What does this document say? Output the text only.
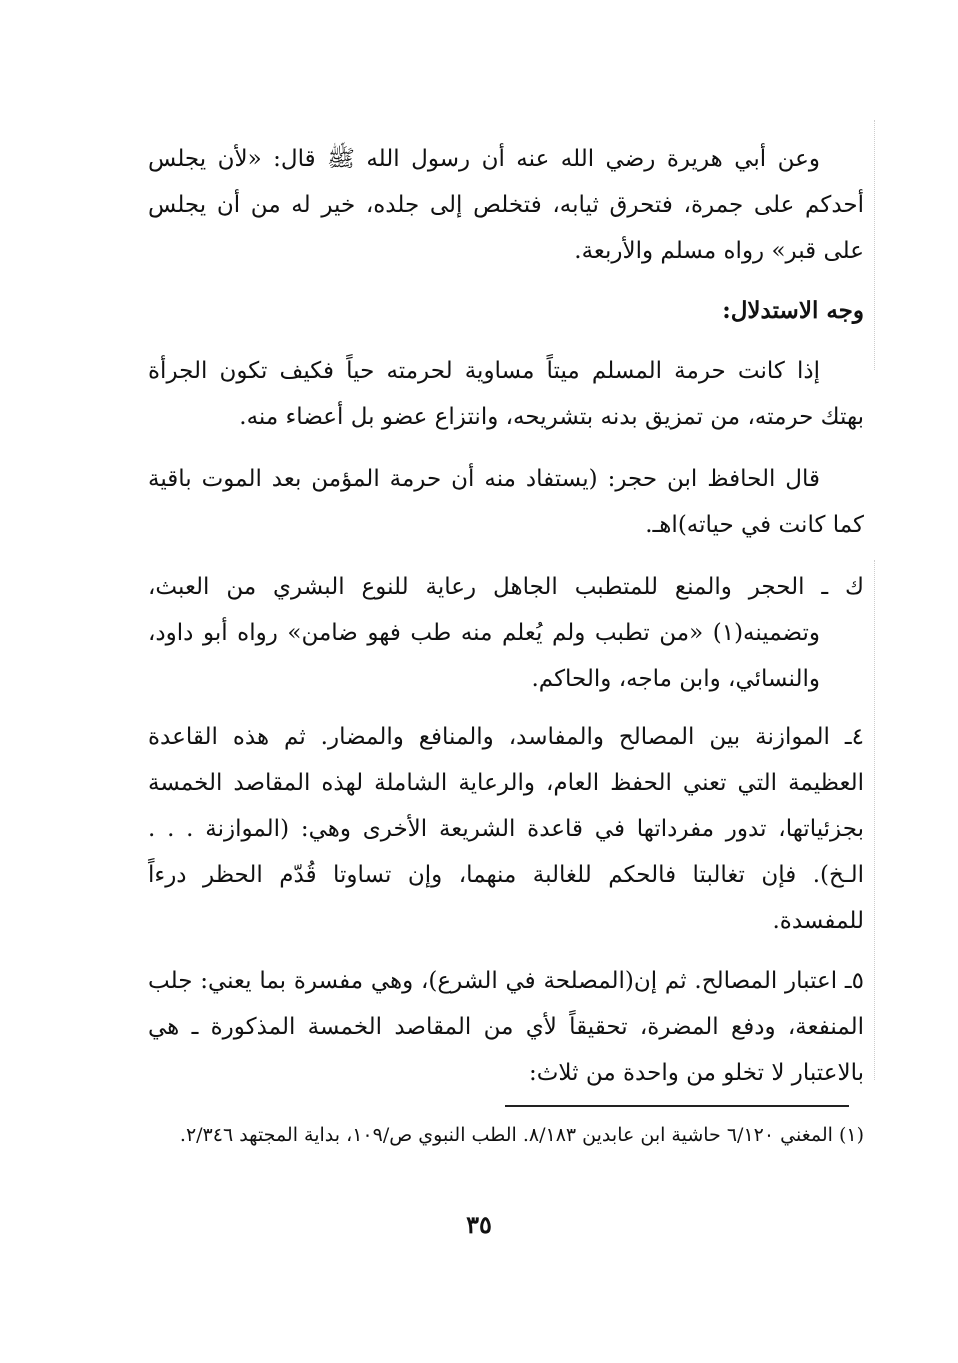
وعن أبي هريرة رضي الله عنه أن رسول الله ﷺ قال: «لأن يجلس أحدكم على جمرة، فتحرق ثيابه، فتخلص إلى جلده، خير له من أن يجلس على قبر» رواه مسلم والأربعة.

وجه الاستدلال:

إذا كانت حرمة المسلم ميتاً مساوية لحرمته حياً فكيف تكون الجرأة بهتك حرمته، من تمزيق بدنه بتشريحه، وانتزاع عضو بل أعضاء منه.

قال الحافظ ابن حجر: (يستفاد منه أن حرمة المؤمن بعد الموت باقية كما كانت في حياته)اهـ.

ك ـ الحجر والمنع للمتطبب الجاهل رعاية للنوع البشري من العبث، وتضمينه(١) «من تطبب ولم يُعلم منه طب فهو ضامن» رواه أبو داود، والنسائي، وابن ماجه، والحاكم.

٤ـ الموازنة بين المصالح والمفاسد، والمنافع والمضار. ثم هذه القاعدة العظيمة التي تعني الحفظ العام، والرعاية الشاملة لهذه المقاصد الخمسة بجزئياتها، تدور مفرداتها في قاعدة الشريعة الأخرى وهي: (الموازنة . . . الـخ). فإن تغالبتا فالحكم للغالبة منهما، وإن تساوتا قُدّم الحظر درءاً للمفسدة.

٥ـ اعتبار المصالح. ثم إن(المصلحة في الشرع)، وهي مفسرة بما يعني: جلب المنفعة، ودفع المضرة، تحقيقاً لأي من المقاصد الخمسة المذكورة ـ هي بالاعتبار لا تخلو من واحدة من ثلاث:

(١) المغني ٦/١٢٠ حاشية ابن عابدين ٨/١٨٣. الطب النبوي ص/١٠٩، بداية المجتهد ٢/٣٤٦.

٣٥
